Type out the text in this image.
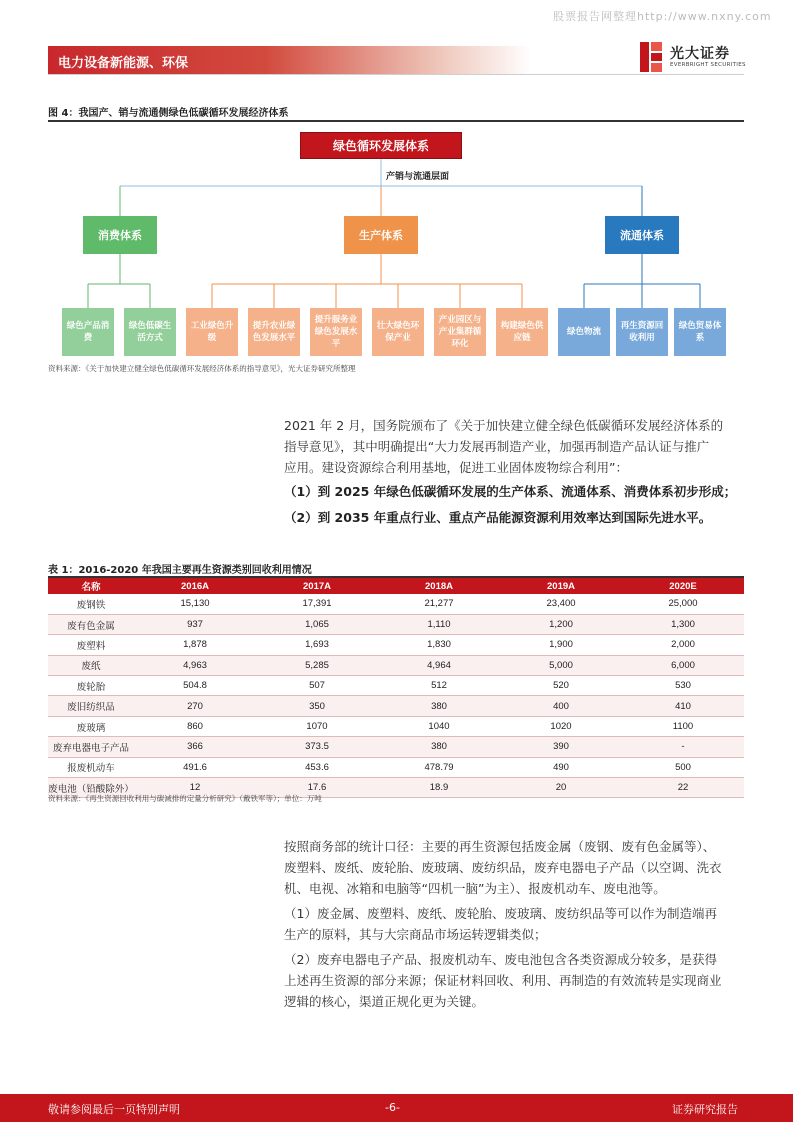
股票报告网整理http://www.nxny.com
电力设备新能源、环保
光大证券
EVERBRIGHT SECURITIES
图 4：我国产、销与流通侧绿色低碳循环发展经济体系
绿色循环发展体系
产销与流通层面
消费体系	生产体系	流通体系
绿色产品消费
绿色低碳生活方式
工业绿色升级
提升农业绿色发展水平
提升服务业绿色发展水平
壮大绿色环保产业
产业园区与产业集群循环化
构建绿色供应链
绿色物流
再生资源回收利用
绿色贸易体系
资料来源：《关于加快建立健全绿色低碳循环发展经济体系的指导意见》，光大证券研究所整理
2021 年 2 月，国务院颁布了《关于加快建立健全绿色低碳循环发展经济体系的
指导意见》，其中明确提出“大力发展再制造产业，加强再制造产品认证与推广
应用。建设资源综合利用基地，促进工业固体废物综合利用”：
（1）到 2025 年绿色低碳循环发展的生产体系、流通体系、消费体系初步形成；
（2）到 2035 年重点行业、重点产品能源资源利用效率达到国际先进水平。
表 1：2016-2020 年我国主要再生资源类别回收利用情况
名称	2016A	2017A	2018A	2019A	2020E
废钢铁	15,130	17,391	21,277	23,400	25,000
废有色金属	937	1,065	1,110	1,200	1,300
废塑料	1,878	1,693	1,830	1,900	2,000
废纸	4,963	5,285	4,964	5,000	6,000
废轮胎	504.8	507	512	520	530
废旧纺织品	270	350	380	400	410
废玻璃	860	1070	1040	1020	1100
废弃电器电子产品	366	373.5	380	390	-
报废机动车	491.6	453.6	478.79	490	500
废电池（铅酸除外）	12	17.6	18.9	20	22
资料来源：《再生资源回收利用与碳减排的定量分析研究》（戴铁军等）；单位：万吨
按照商务部的统计口径：主要的再生资源包括废金属（废钢、废有色金属等）、
废塑料、废纸、废轮胎、废玻璃、废纺织品，废弃电器电子产品（以空调、洗衣
机、电视、冰箱和电脑等“四机一脑”为主）、报废机动车、废电池等。
（1）废金属、废塑料、废纸、废轮胎、废玻璃、废纺织品等可以作为制造端再
生产的原料，其与大宗商品市场运转逻辑类似；
（2）废弃电器电子产品、报废机动车、废电池包含各类资源成分较多，是获得
上述再生资源的部分来源；保证材料回收、利用、再制造的有效流转是实现商业
逻辑的核心，渠道正规化更为关键。
敬请参阅最后一页特别声明	-6-	证券研究报告
